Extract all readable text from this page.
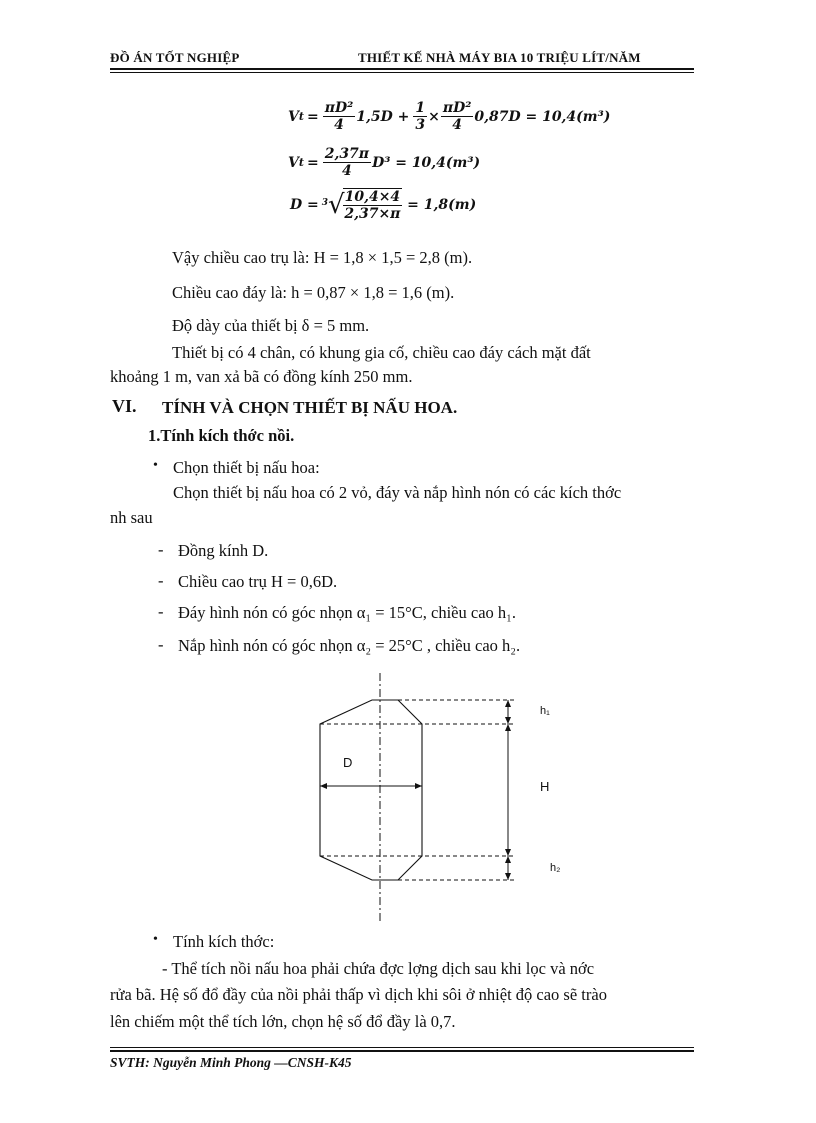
ĐỒ ÁN TỐT NGHIỆP	THIẾT KẾ NHÀ MÁY BIA 10 TRIỆU LÍT/NĂM
V $t = \frac{\text{πD²}}{4} 1,5D + \frac{1}{3} \times \frac{\text{πD²}}{4} 0,87D = 10,4(m^3)$
V $t = \frac{2,37\pi}{4} D^3 = 10,4(m^3)$
D = 3 √
$\frac{10,4\times 4}{2,37\times\pi} = 1,8(m)$
Vậy chiều cao trụ là: H = 1,8 × 1,5 = 2,8 (m).
Chiều cao đáy là: h = 0,87 × 1,8 = 1,6 (m).
Độ dày của thiết bị δ = 5 mm.
Thiết bị có 4 chân, có khung gia cố, chiều cao đáy cách mặt đất
khoảng 1 m, van xả bã có đồng kính 250 mm.
VI. TÍNH VÀ CHỌN THIẾT BỊ NẤU HOA.
1.Tính kích thớc nồi.
• Chọn thiết bị nấu hoa:
Chọn thiết bị nấu hoa có 2 vỏ, đáy và nắp hình nón có các kích thớc
nh sau
- Đồng kính D.
- Chiều cao trụ H = 0,6D.
- Đáy hình nón có góc nhọn α₁ = 15°C, chiều cao h₁.
- Nắp hình nón có góc nhọn α₂ = 25°C , chiều cao h₂.
D
H
h₁
h₂
• Tính kích thớc:
- Thể tích nồi nấu hoa phải chứa đợc lợng dịch sau khi lọc và nớc
rửa bã. Hệ số đổ đầy của nồi phải thấp vì dịch khi sôi ở nhiệt độ cao sẽ trào
lên chiếm một thể tích lớn, chọn hệ số đổ đầy là 0,7.
SVTH: Nguyễn Minh Phong —CNSH-K45
